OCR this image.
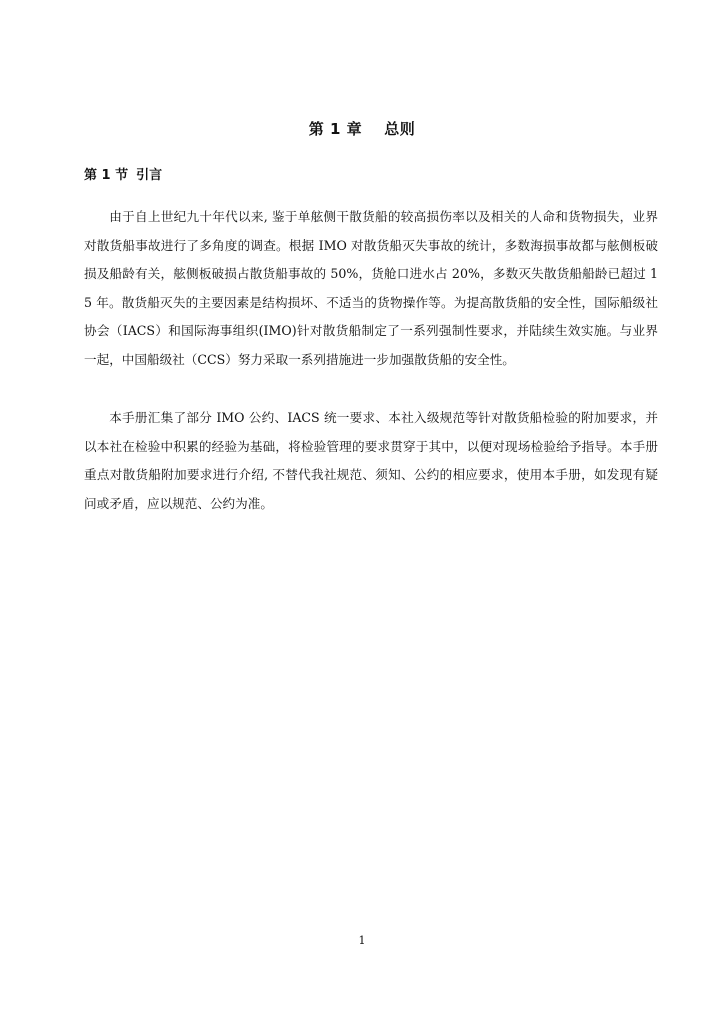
第 1 章 总则
第 1 节 引言

由于自上世纪九十年代以来, 鉴于单舷侧干散货船的较高损伤率以及相关的人命和货物损失，业界对散货船事故进行了多角度的调查。根据 IMO 对散货船灭失事故的统计，多数海损事故都与舷侧板破损及船龄有关，舷侧板破损占散货船事故的 50%，货舱口进水占 20%，多数灭失散货船船龄已超过 15 年。散货船灭失的主要因素是结构损坏、不适当的货物操作等。为提高散货船的安全性，国际船级社协会（IACS）和国际海事组织(IMO)针对散货船制定了一系列强制性要求，并陆续生效实施。与业界一起，中国船级社（CCS）努力采取一系列措施进一步加强散货船的安全性。

本手册汇集了部分 IMO 公约、IACS 统一要求、本社入级规范等针对散货船检验的附加要求，并以本社在检验中积累的经验为基础，将检验管理的要求贯穿于其中，以便对现场检验给予指导。本手册重点对散货船附加要求进行介绍, 不替代我社规范、须知、公约的相应要求，使用本手册，如发现有疑问或矛盾，应以规范、公约为准。

1
